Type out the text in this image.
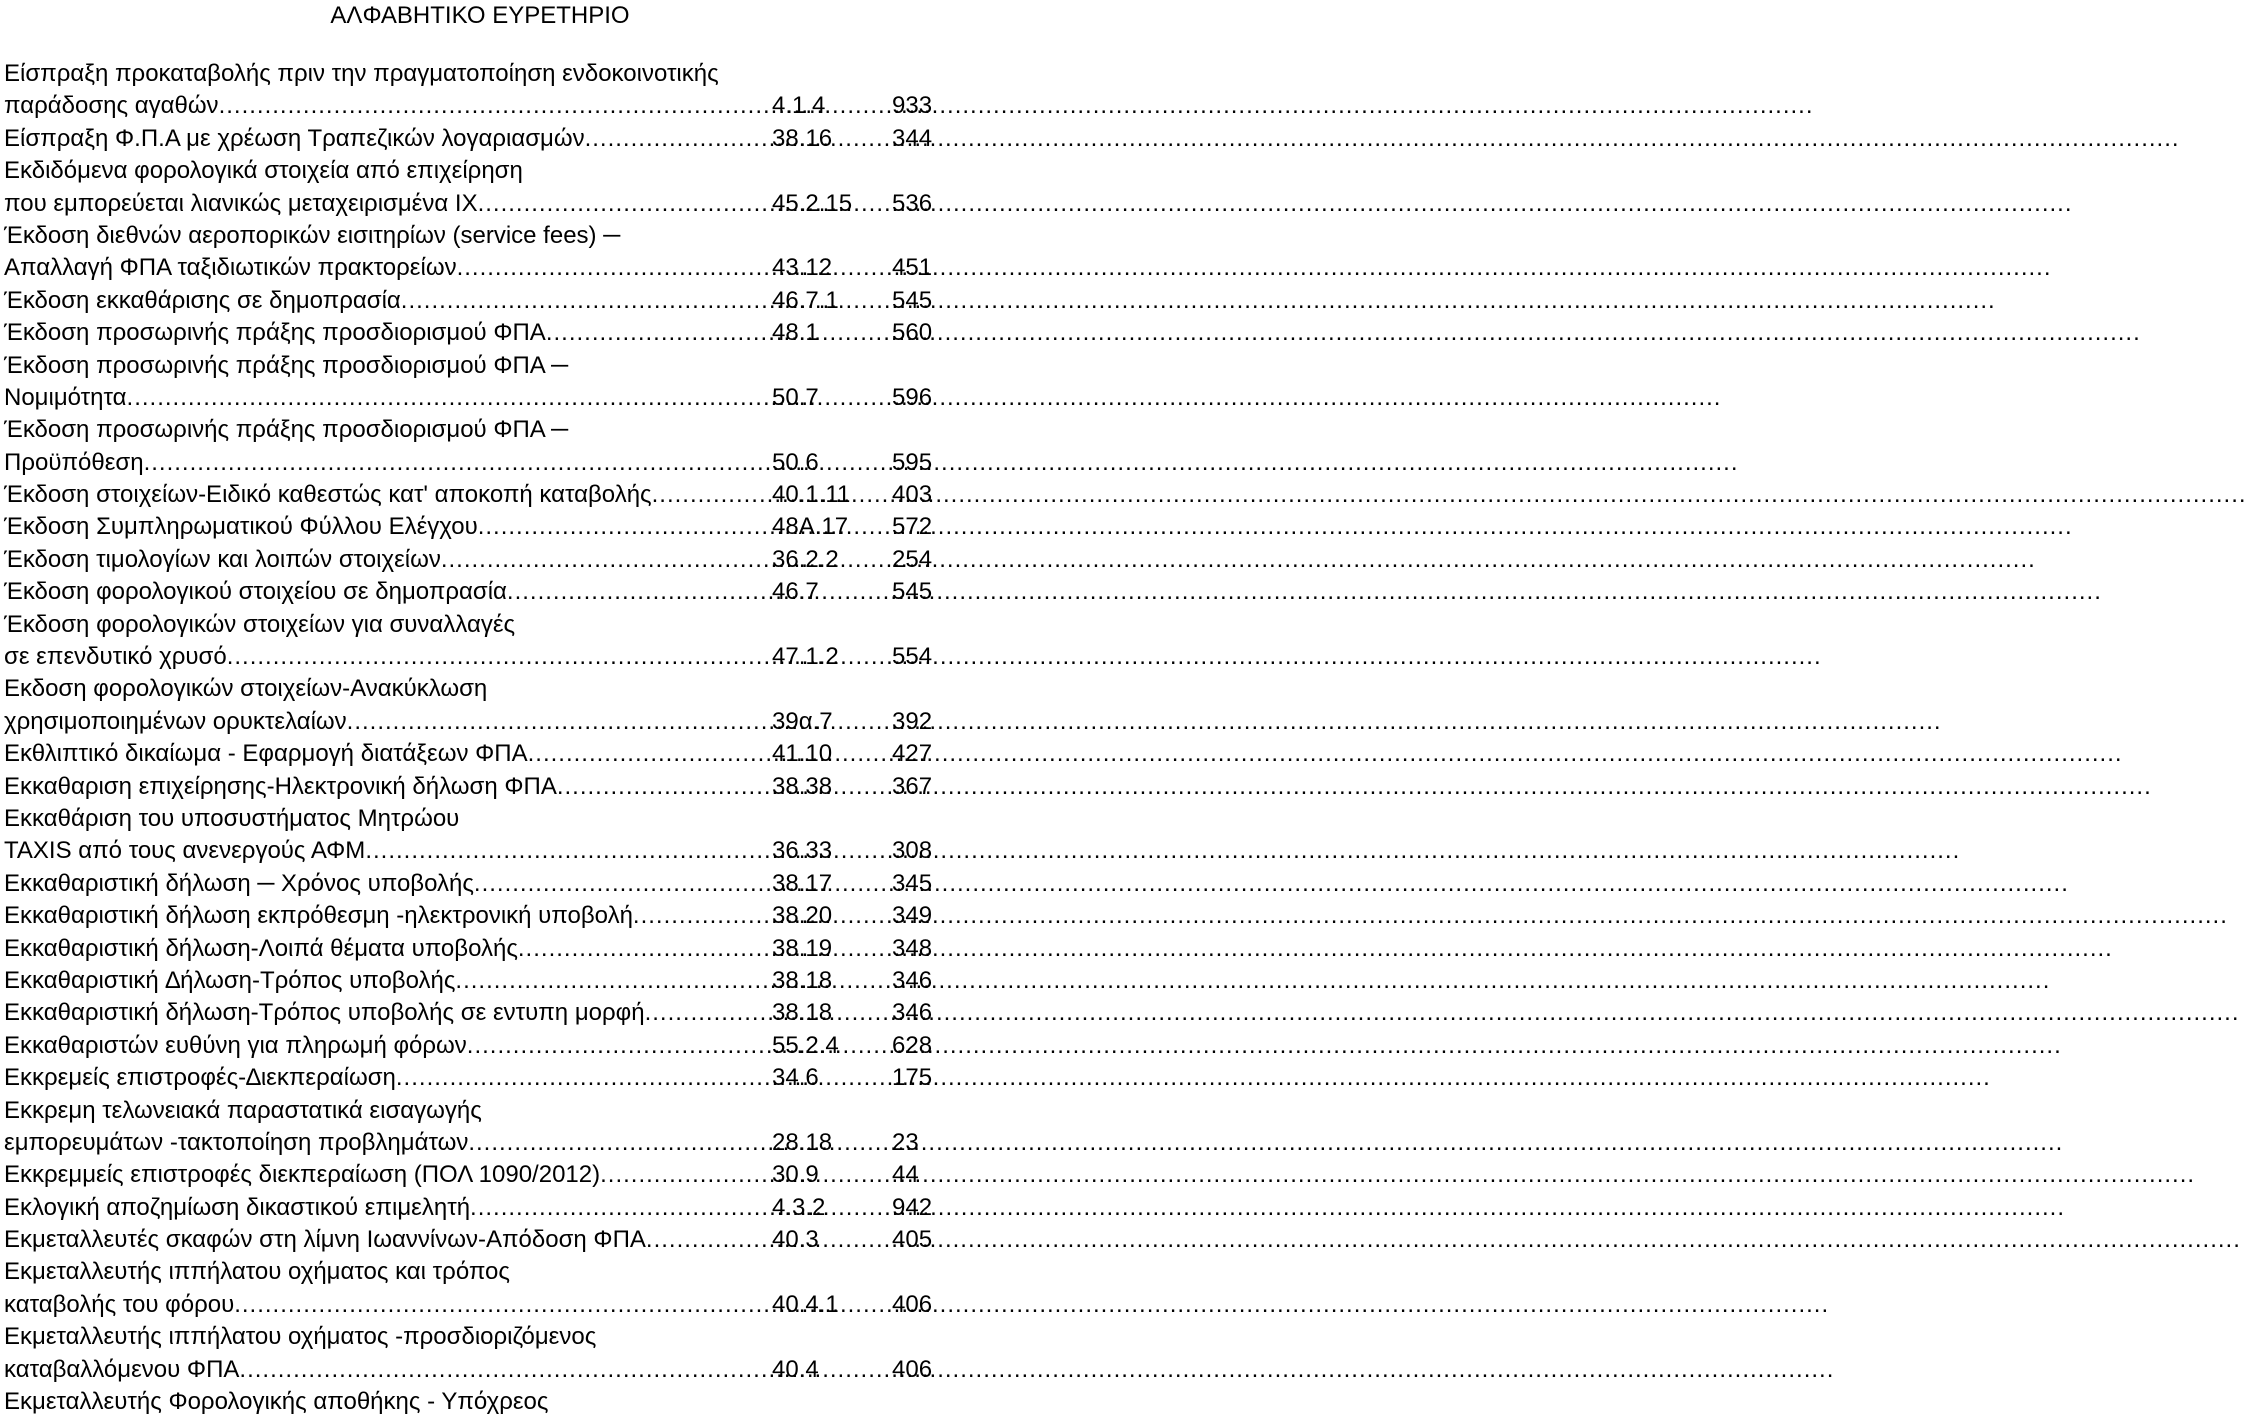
ΑΛΦΑΒΗΤΙΚΟ ΕΥΡΕΤΗΡΙΟ
Είσπραξη προκαταβολής πριν την πραγματοποίηση ενδοκοινοτικής
παράδοσης αγαθών .....	4.1.4	933
Είσπραξη Φ.Π.Α με χρέωση Τραπεζικών λογαριασμών .....	38.16	344
Εκδιδόμενα φορολογικά στοιχεία από επιχείρηση
που εμπορεύεται λιανικώς μεταχειρισμένα ΙΧ .....	45.2.15	536
Έκδοση διεθνών αεροπορικών εισιτηρίων (service fees) ─
Απαλλαγή ΦΠΑ ταξιδιωτικών πρακτορείων .....	43.12	451
Έκδοση εκκαθάρισης σε δημοπρασία .....	46.7.1	545
Έκδοση προσωρινής πράξης προσδιορισμού ΦΠΑ .....	48.1	560
Έκδοση προσωρινής πράξης προσδιορισμού ΦΠΑ ─
Νομιμότητα .....	50.7	596
Έκδοση προσωρινής πράξης προσδιορισμού ΦΠΑ ─
Προϋπόθεση .....	50.6	595
Έκδοση στοιχείων-Ειδικό καθεστώς κατ' αποκοπή καταβολής .....	40.1.11	403
Έκδοση Συμπληρωματικού Φύλλου Ελέγχου .....	48Α.17	572
Έκδοση τιμολογίων και λοιπών στοιχείων .....	36.2.2	254
Έκδοση φορολογικού στοιχείου σε δημοπρασία .....	46.7	545
Έκδοση φορολογικών στοιχείων για συναλλαγές
σε επενδυτικό χρυσό .....	47.1.2	554
Εκδοση φορολογικών στοιχείων-Ανακύκλωση
χρησιμοποιημένων ορυκτελαίων .....	39α.7	392
Εκθλιπτικό δικαίωμα - Εφαρμογή διατάξεων ΦΠΑ .....	41.10	427
Εκκαθαριση επιχείρησης-Ηλεκτρονική δήλωση ΦΠΑ .....	38.38	367
Εκκαθάριση του υποσυστήματος Μητρώου
TAXIS από τους ανενεργούς ΑΦΜ .....	36.33	308
Εκκαθαριστική δήλωση ─ Χρόνος υποβολής .....	38.17	345
Εκκαθαριστική δήλωση εκπρόθεσμη -ηλεκτρονική υποβολή .....	38.20	349
Εκκαθαριστική δήλωση-Λοιπά θέματα υποβολής .....	38.19	348
Εκκαθαριστική ∆ήλωση-Τρόπος υποβολής .....	38.18	346
Εκκαθαριστική δήλωση-Τρόπος υποβολής σε εντυπη μορφή .....	38.18	346
Εκκαθαριστών ευθύνη για πληρωμή φόρων .....	55.2.4	628
Εκκρεμείς επιστροφές-∆ιεκπεραίωση .....	34.6	175
Εκκρεμη τελωνειακά παραστατικά εισαγωγής
εμπορευμάτων -τακτοποίηση προβλημάτων .....	28.18	23
Εκκρεμμείς επιστροφές διεκπεραίωση (ΠΟΛ 1090/2012) .....	30.9	44
Εκλογική αποζημίωση δικαστικού επιμελητή .....	4.3.2	942
Εκμεταλλευτές σκαφών στη λίμνη Ιωαννίνων-Απόδοση ΦΠΑ .....	40.3	405
Εκμεταλλευτής ιππήλατου οχήματος και τρόπος
καταβολής του φόρου .....	40.4.1	406
Εκμεταλλευτής ιππήλατου οχήματος -προσδιοριζόμενος
καταβαλλόμενου ΦΠΑ .....	40.4	406
Εκμεταλλευτής Φορολογικής αποθήκης - Υπόχρεος
